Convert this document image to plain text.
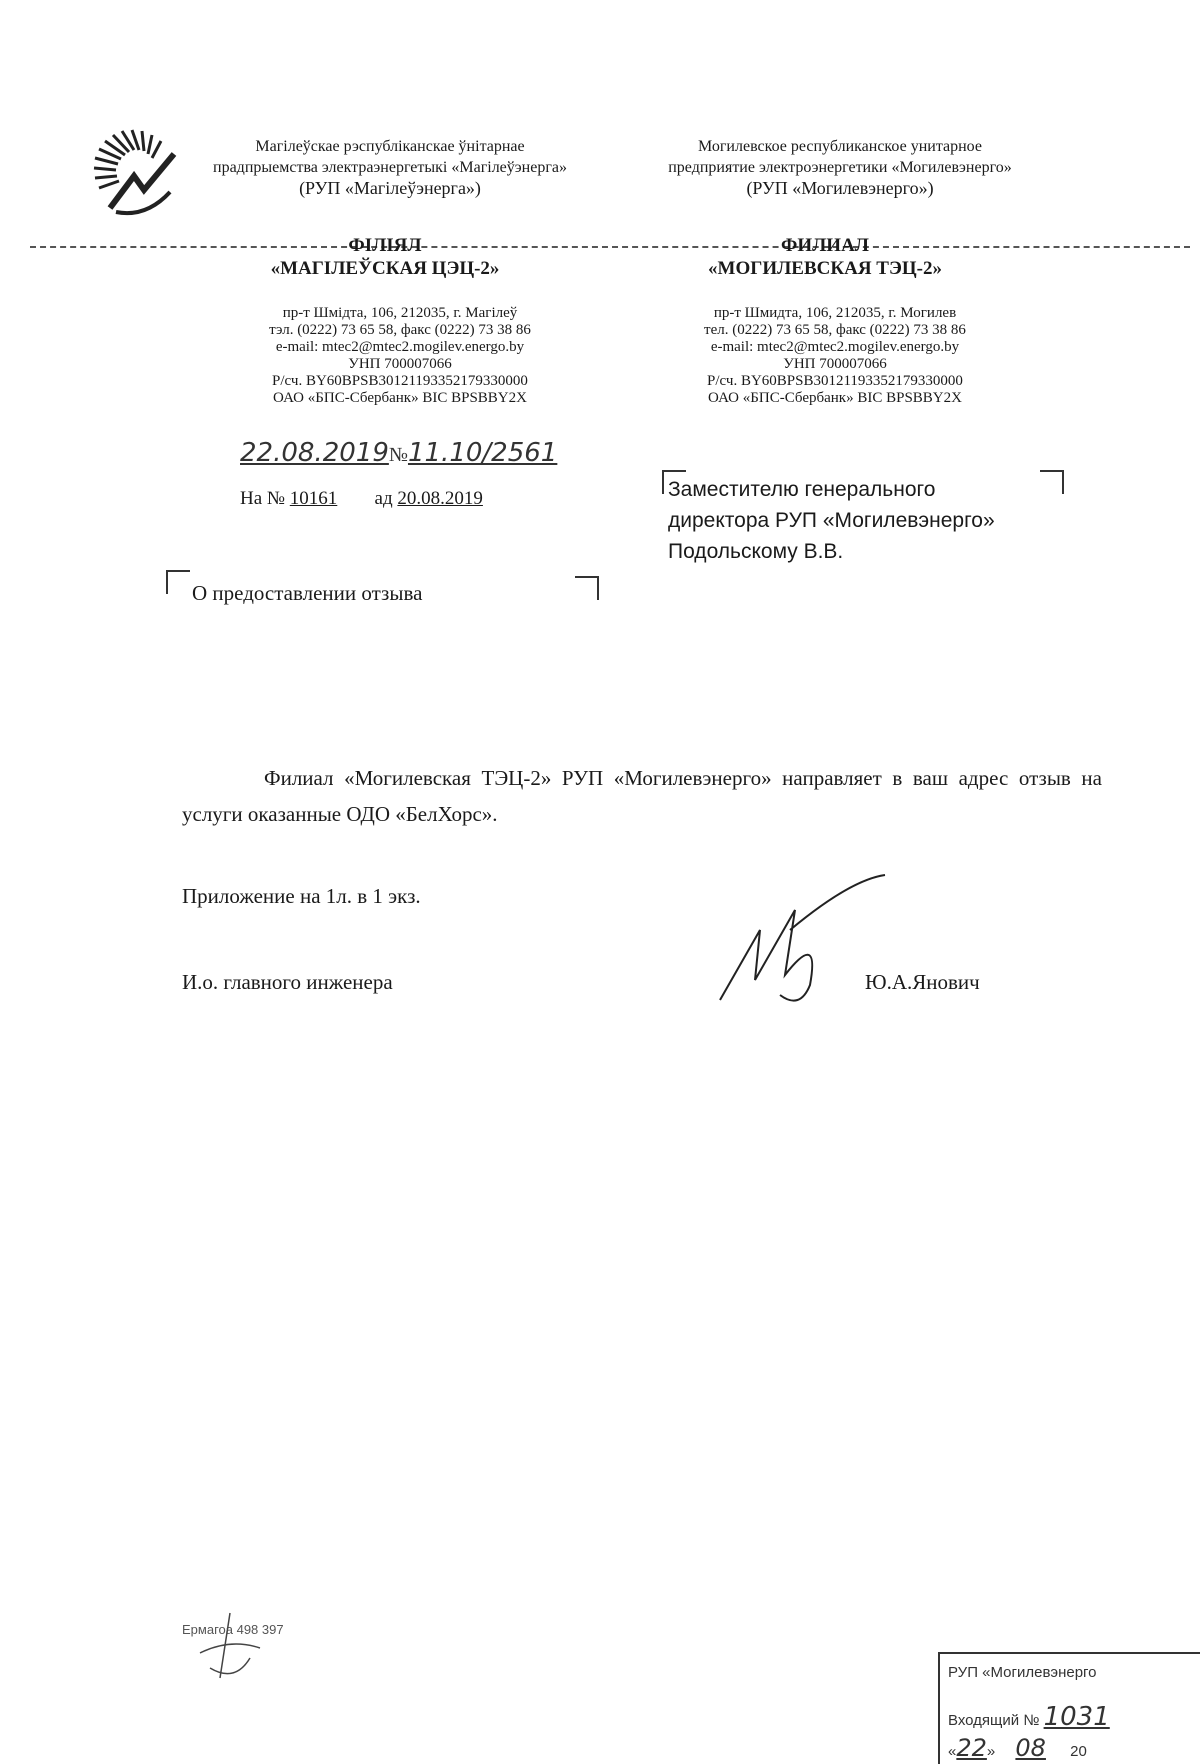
Магілеўскае рэспубліканскае ўнітарнае
прадпрыемства электраэнергетыкі «Магілеўэнерга»
(РУП «Магілеўэнерга»)
Могилевское республиканское унитарное
предприятие электроэнергетики «Могилевэнерго»
(РУП «Могилевэнерго»)
ФІЛІЯЛ
«МАГІЛЕЎСКАЯ ЦЭЦ-2»
ФИЛИАЛ
«МОГИЛЕВСКАЯ ТЭЦ-2»
пр-т Шмідта, 106, 212035, г. Магілеў
тэл. (0222) 73 65 58, факс (0222) 73 38 86
e-mail: mtec2@mtec2.mogilev.energo.by
УНП 700007066
Р/сч. BY60BPSB30121193352179330000
ОАО «БПС-Сбербанк» BIC BPSBBY2X
пр-т Шмидта, 106, 212035, г. Могилев
тел. (0222) 73 65 58, факс (0222) 73 38 86
e-mail: mtec2@mtec2.mogilev.energo.by
УНП 700007066
Р/сч. BY60BPSB30121193352179330000
ОАО «БПС-Сбербанк» BIC BPSBBY2X
22.08.2019№11.10/2561
На № 10161 ад 20.08.2019	Заместителю генерального
директора РУП «Могилевэнерго»
Подольскому В.В.
О предоставлении отзыва
Филиал «Могилевская ТЭЦ-2» РУП «Могилевэнерго» направляет в ваш адрес отзыв на услуги оказанные ОДО «БелХорс».
Приложение на 1л. в 1 экз.
И.о. главного инженера	Ю.А.Янович
Ермагоа 498 397
РУП «Могилевэнерго
Входящий № 1031
«22» 08 20
